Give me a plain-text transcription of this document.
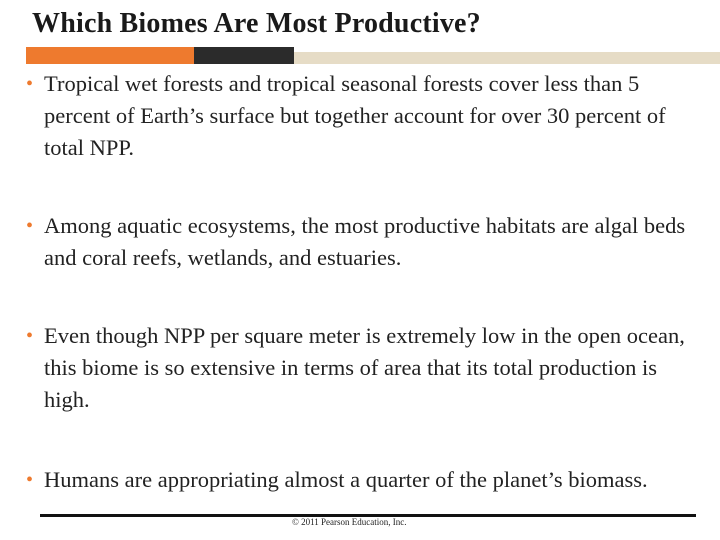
Which Biomes Are Most Productive?
• Tropical wet forests and tropical seasonal forests cover less than 5 percent of Earth’s surface but together account for over 30 percent of total NPP.
• Among aquatic ecosystems, the most productive habitats are algal beds and coral reefs, wetlands, and estuaries.
• Even though NPP per square meter is extremely low in the open ocean, this biome is so extensive in terms of area that its total production is high.
• Humans are appropriating almost a quarter of the planet’s biomass.
© 2011 Pearson Education, Inc.
